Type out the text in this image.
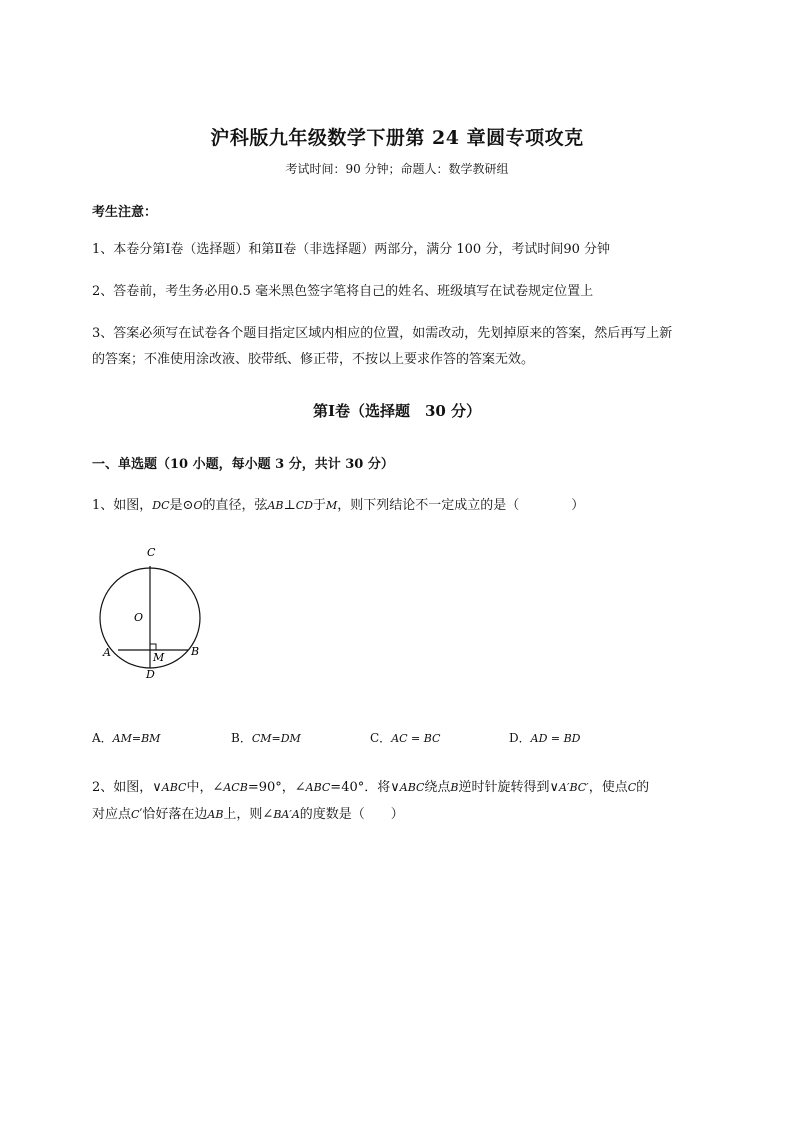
沪科版九年级数学下册第 24 章圆专项攻克
考试时间：90 分钟；命题人：数学教研组
考生注意：
1、本卷分第Ⅰ卷（选择题）和第Ⅱ卷（非选择题）两部分，满分 100 分，考试时间90 分钟
2、答卷前，考生务必用0.5 毫米黑色签字笔将自己的姓名、班级填写在试卷规定位置上
3、答案必须写在试卷各个题目指定区域内相应的位置，如需改动，先划掉原来的答案，然后再写上新
的答案；不准使用涂改液、胶带纸、修正带，不按以上要求作答的答案无效。
第Ⅰ卷（选择题　30 分）
一、单选题（10 小题，每小题 3 分，共计 30 分）
1、如图，DC是⊙O的直径，弦AB⊥CD于M，则下列结论不一定成立的是（　　　　）
C
O
A	B
M
D
A．AM=BM	B．CM=DM	C．AC = BC	D．AD = BD
2、如图，∨ABC中，∠ACB=90°，∠ABC=40°．将∨ABC绕点B逆时针旋转得到∨A′BC′，使点C的
对应点C′恰好落在边AB上，则∠BA′A的度数是（　　）
